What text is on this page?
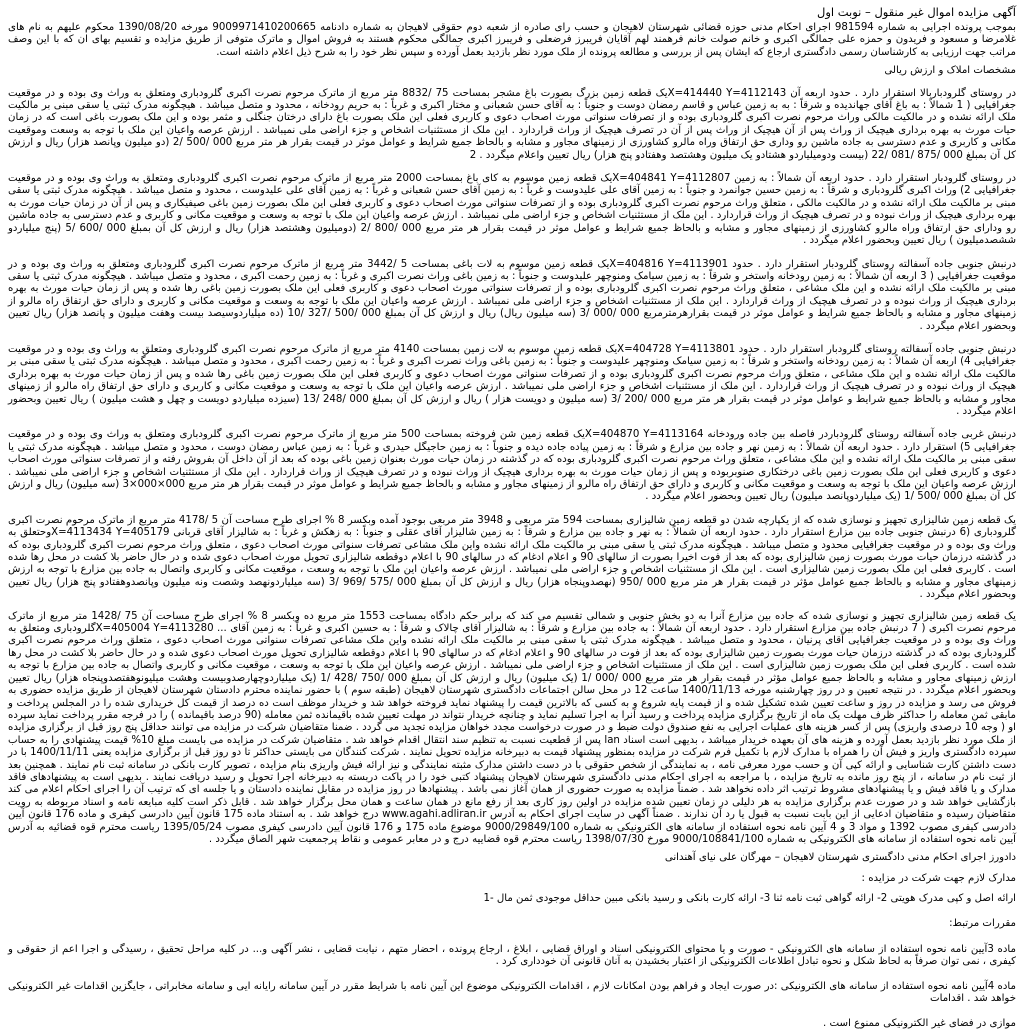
آگهی مزایده اموال غیر منقول – نوبت اول

بموجب پرونده اجرایی به شماره 981594 اجرای احکام مدنی حوزه قضائی شهرستان لاهیجان و حسب رای صادره از شعبه دوم حقوقی لاهیجان به شماره دادنامه 9009971410200665 مورخه 1390/08/20 محکوم علیهم به نام های غلامرضا و مسعود و فریدون و حمزه علی جمالگی اکبری و خانم صولت خانم فرهمند لهم آقایان فریبرز فرضعلی و فریبرز اکبری جمالگی محکوم هستند به فروش اموال و ماترک متوفی از طریق مزایده و تقسیم بهای ان که با این وصف مراتب جهت ارزیابی به کارشناسان رسمی دادگستری ارجاع که ایشان پس از بررسی و مطالعه پرونده از ملک مورد نظر بازدید بعمل آورده و سپس نظر خود را به شرح ذیل اعلام داشته است.

مشخصات املاک و ارزش ریالی

در روستای گلرودبار‌بالا استقرار دارد . حدود اربعه آن X=414440 Y=4112143یک قطعه زمین بزرگ بصورت باغ مشجر بمساحت 75 /8832 متر مربع از ماترک مرحوم نصرت اکبری گلرودباری ومتعلق به وراث وی بوده و در موقعیت جغرافیایی ( 1 شمالاً : به باغ آقای جهانديده و شرقاً : به به زمین عباس و قاسم رمضان دوست و جنوباً : به آقای حسن شعبانی و مختار اکبری و غرباً : به حریم رودخانه ، محدود و متصل میباشد . هیچگونه مدرک ثبتی یا سقی مبنی بر مالکیت ملک ارائه نشده و در مالکیت مالکی وراث مرحوم نصرت اکبری گلرودباری بوده و از تصرفات سنواتی مورث اصحاب دعوی و کاربری فعلی این ملک بصورت باغ دارای درختان جنگلی و مثمر بوده و این ملک بصورت باغی است که در زمان حیات مورث به بهره برداری هیچیک از وراث پس از آن هیچیک از وراث پس از آن در تصرف هیچیک از وراث قراردارد . این ملک از مستثنیات اشخاص و جزء اراضی ملی نمیباشد . ارزش عرصه واعیان این ملک با توجه به وسعت وموقعیت مکانی و کاربری و عدم دسترسی به جاده ماشین رو وداری حق ارتفاق وراه مالرو کشاورزی از زمینهای مجاور و مشابه و بالحاظ جمیع شرایط و عوامل موثر در قیمت بقرار هر متر مربع 000 /500 /2 (دو میلیون وپانصد هزار) ریال و ارزش کل آن بمبلغ 000 /875 /081 /22 (بیست ودومیلیاردو هشتادو یک میلیون وهشتصد وهفتادو پنج هزار) ریال تعیین واعلام میگردد . 2

در روستای گلرودبار استقرار دارد . حدود اربعه آن شمالاً : به زمین X=404841 Y=4112807یک قطعه زمین موسوم به کای باغ بمساحت 2000 متر مربع از ماترک مرحوم نصرت اکبری گلرودباری ومتعلق به وراث وی بوده و در موقعیت جغرافیایی 2) وراث اکبری گلرودباری و شرقاً : به زمین حسین جوانمرد و جنوباً : به زمین آقای علی علیدوست و غرباً : به زمین آقای حسن شعبانی و غرباً : به زمین آقای علی علیدوست ، محدود و متصل میباشد . هیچگونه مدرک ثبتی یا سقی مبنی بر مالکیت ملک ارائه نشده و در مالکیت مالکی ، متعلق وراث مرحوم نصرت اکبری گلرودباری بوده و از تصرفات سنواتی مورث اصحاب دعوی و کاربری فعلی این ملک بصورت زمین باغی صیفیکاری و پس از آن در زمان حیات مورث به بهره برداری هیچیک از وراث نبوده و در تصرف هیچیک از وراث قراردارد . این ملک از مستثنیات اشخاص و جزء اراضی ملی نمیباشد . ارزش عرصه واعیان این ملک با توجه به وسعت و موقعیت مکانی و کاربری و عدم دسترسی به جاده ماشین رو ودارای حق ارتفاق وراه مالرو کشاورزی از زمینهای مجاور و مشابه و بالحاظ جمیع شرایط و عوامل موثر در قیمت بقرار هر متر مربع 000 /800 /2 (دومیلیون وهشتصد هزار) ریال و ارزش کل آن بمبلغ 000 /600 /5 (پنج میلیاردو ششصدمیلیون ) ریال تعیین وبحضور اعلام میگردد .

درنبش جنوبی جاده آسفالته روستای گلرودبار استقرار دارد . حدود X=404816 Y=4113901یک قطعه زمین موسوم به لات باغی بمساحت 5 /3442 متر مربع از ماترک مرحوم نصرت اکبری گلرودباری ومتعلق به وراث وی بوده و در موقعیت جغرافیایی ( 3 اربعه آن شمالاً : به زمین رودخانه واستخر و شرقاً : به زمین سیامک ومنوچهر علیدوست و جنوباً : به زمین باغی وراث نصرت اکبری و غرباً : به زمین رحمت اکبری ، محدود و متصل میباشد . هیچگونه مدرک ثبتی یا سقی مبنی بر مالکیت ملک ارائه نشده و این ملک مشاعی ، متعلق وراث مرحوم نصرت اکبری گلرودباری بوده و از تصرفات سنواتی مورث اصحاب دعوی و کاربری فعلی این ملک بصورت زمین باغی رها شده و پس از زمان حیات مورث به بهره برداری هیچیک از وراث نبوده و در تصرف هیچیک از وراث قراردارد . این ملک از مستثنیات اشخاص و جزء اراضی ملی نمیباشد . ارزش عرصه واعیان این ملک با توجه به وسعت و موقعیت مکانی و کاربری و دارای حق ارتفاق راه مالرو از زمینهای مجاور و مشابه و بالحاظ جمیع شرایط و عوامل موثر در قیمت بقرارهرمترمربع 000 /000 /3 (سه میلیون ریال) ریال و ارزش کل آن بمبلغ 000 /500 /327 /10 (ده میلیاردوسیصد بیست وهفت میلیون و پانصد هزار) ریال تعیین وبحضور اعلام میگردد .

درنبش جنوبی جاده آسفالته روستای گلرودبار استقرار دارد . حدود X=404728 Y=4113801یک قطعه زمین موسوم به لات زمین بمساحت 4140 متر مربع از ماترک مرحوم نصرت اکبری گلرودباری ومتعلق به وراث وی بوده و در موقعیت جغرافیایی 4) اربعه آن شمالاً : به زمین رودخانه واستخر و شرقاً : به زمین سیامک ومنوچهر علیدوست و جنوباً : به زمین باغی وراث نصرت اکبری و غرباً : به زمین رحمت اکبری ، محدود و متصل میباشد . هیچگونه مدرک ثبتی یا سقی مبنی بر مالکیت ملک ارائه نشده و این ملک مشاعی ، متعلق وراث مرحوم نصرت اکبری گلرودباری بوده و از تصرفات سنواتی مورث اصحاب دعوی و کاربری فعلی این ملک بصورت زمین باغی رها شده و پس از زمان حیات مورث به بهره برداری هیچیک از وراث نبوده و در تصرف هیچیک از وراث قراردارد . این ملک از مستثنیات اشخاص و جزء اراضی ملی نمیباشد . ارزش عرصه واعیان این ملک با توجه به وسعت و موقعیت مکانی و کاربری و دارای حق ارتفاق راه مالرو از زمینهای مجاور و مشابه و بالحاظ جمیع شرایط و عوامل موثر در قیمت بقرار هر متر مربع 000 /200 /3 (سه میلیون و دویست هزار ) ریال و ارزش کل آن بمبلغ 000 /248 /13 (سیزده میلیاردو دویست و چهل و هشت میلیون ) ریال تعیین وبحضور اعلام میگردد .

درنبش غربی جاده آسفالته روستای گلرودباردر فاصله بین جاده ورودخانه X=404870 Y=4113164یک قطعه زمین شن فروخته بمساحت 500 متر مربع از ماترک مرحوم نصرت اکبری گلرودباری ومتعلق به وراث وی بوده و در موقعیت جغرافیایی 5) استقرار دارد . حدود اربعه آن شمالاً : به زمین نهر و جاده بین مزارع و شرقاً : به زمین پیاده جاده دیده و جنوباً : به زمین حاجیگل حیدری و غرباً : به زمین عباس رمضان دوست ، محدود و متصل میباشد . هیچگونه مدرک ثبتی یا سقی مبنی بر مالکیت ملک ارائه نشده و این ملک مشاعی ، متعلق وراث مرحوم نصرت اکبری گلرودباری بوده که در گذشته در زمان حیات مورث بعنوان زمین باغی بوده که بعد از آن داخل آن بفروش رفته و از تصرفات سنواتی مورث اصحاب دعوی و کاربری فعلی این ملک بصورت زمین باغی درختکاری صنوبربوده و پس از زمان حیات مورث به بهره برداری هیچیک از وراث نبوده و در تصرف هیچیک از وراث قراردارد . این ملک از مستثنیات اشخاص و جزء اراضی ملی نمیباشد . ارزش عرصه واعیان این ملک با توجه به وسعت و موقعیت مکانی و کاربری و دارای حق ارتفاق راه مالرو از زمینهای مجاور و مشابه و بالحاظ جمیع شرایط و عوامل موثر در قیمت بقرار هر متر مربع 000×000×3 (سه میلیون) ریال و ارزش کل آن بمبلغ 000 /500 /1 (یک میلیاردوپانصد میلیون) ریال تعیین وبحضور اعلام میگردد .

یک قطعه زمین شالیزاری تجهیز و نوسازی شده که از یکپارچه شدن دو قطعه زمین شالیزاری بمساحت 594 متر مربعی و 3948 متر مربعی بوجود آمده وبکسر 8 % اجرای طرح مساحت آن 5 /4178 متر مربع از ماترک مرحوم نصرت اکبری گلرودباری (6 درنبش جنوبی جاده بین مزارع استقرار دارد . حدود اربعه آن شمالاً : به نهر و جاده بین مزارع و شرقاً : به زمین شالیزار آقای عقلی و جنوباً : به زهکش و غرباً : به شالیزار آقای قربانی X=4113434 Y=405179وحتعلق به وراث وی بوده و در موقعیت جغرافیایی محدود و متصل میباشد . هیچگونه مدرک ثبتی یا سقی مبنی بر مالکیت ملک ارائه نشده واین ملک مشاعی تصرفات سنواتی مورث اصحاب دعوی ، متعلق وراث مرحوم نصرت اکبری گلرودباری بوده که در گذشته درزمان حیات مورث بصورت زمین شالیزاری بوده که بعد از فوت اخیرا بصورت از سالهای 90 و اعلام ادغام که در سالهای 90 با اعلام دوقطعه شالیزاری تحویل مورث اصحاب دعوی شده و در حال حاضر بلا کشت در محل رها شده است . کاربری فعلی این ملک بصورت زمین شالیزاری است . این ملک از مستثنیات اشخاص و جزء اراضی ملی نمیباشد . ارزش عرصه واعیان این ملک با توجه به وسعت ، موقعیت مکانی و کاربری واتصال به جاده بین مزارع با توجه به ارزش زمینهای مجاور و مشابه و بالحاظ جمیع عوامل مؤثر در قیمت بقرار هر متر مربع 000 /950 (نهصدوپنجاه هزار) ریال و ارزش کل آن بمبلغ 000 /575 /969 /3 (سه میلیاردونهصد وشصت ونه میلیون وپانصدوهفتادو پنج هزار) ریال تعیین وبحضور اعلام میگردد .

یک قطعه زمین شالیزاری تجهیز و نوسازی شده که جاده بین مزارع آنرا به دو بخش جنوبی و شمالی تقسیم می کند که برابر حکم دادگاه بمساحت 1553 متر مربع ده وبکسر 8 % اجرای طرح مساحت آن 75 /1428 متر مربع از ماترک مرحوم نصرت اکبری ( 7 درنبش جاده بین مزارع استقرار دارد . حدود اربعه آن شمالاً : به جاده بین مزارع و شرقاً : به شالیزار آقای چالاک و شرقاً : به حسین اکبری و غرباً : به زمین آقای ... X=405004 Y=4113280گلرودباری ومتعلق به وراث وی بوده و در موقعیت جغرافیایی آقای پرنیان ، محدود و متصل میباشد . هیچگونه مدرک ثبتی یا سقی مبنی بر مالکیت ملک ارائه نشده واین ملک مشاعی تصرفات سنواتی مورث اصحاب دعوی ، متعلق وراث مرحوم نصرت اکبری گلرودباری بوده که در گذشته درزمان حیات مورث بصورت زمین شالیزاری بوده که بعد از فوت در سالهای 90 و اعلام ادغام که در سالهای 90 با اعلام دوقطعه شالیزاری تحویل مورث اصحاب دعوی شده و در حال حاضر بلا کشت در محل رها شده است . کاربری فعلی این ملک بصورت زمین شالیزاری است . این ملک از مستثنیات اشخاص و جزء اراضی ملی نمیباشد . ارزش عرصه واعیان این ملک با توجه به وسعت ، موقعیت مکانی و کاربری واتصال به جاده بین مزارع با توجه به ارزش زمینهای مجاور و مشابه و بالحاظ جمیع عوامل مؤثر در قیمت بقرار هر متر مربع 000 /000 /1 (یک میلیون) ریال و ارزش کل آن بمبلغ 000 /750 /428 /1 (یک میلیاردوچهارصدوبیست وهشت میلیونوهفتصدوپنجاه هزار) ریال تعیین وبحضور اعلام میگردد . در نتیجه تعیین و در روز چهارشنبه مورخه 1400/11/13 ساعت 12 در محل سالن اجتماعات دادگستری شهرستان لاهیجان (طبقه سوم ) با حضور نماینده محترم دادستان شهرستان لاهیجان از طریق مزایده حضوری به فروش می رسد و مزایده در روز و ساعت تعیین شده تشکیل شده و از قیمت پایه شروع و به کسی که بالاترین قیمت را پیشنهاد نماید فروخته خواهد شد و خریدار موظف است ده درصد از قیمت کل خریداری شده را در المجلس پرداخت و مابقی ثمن معامله را حداکثر ظرف مهلت یک ماه از تاریخ برگزاری مزایده پرداخت و رسید آنرا به اجرا تسلیم نماید و چنانچه خریدار نتواند در مهلت تعیین شده باقیمانده ثمن معامله (90 درصد باقیمانده ) را در فرجه مقرر پرداخت نماید سپرده او ( وجه 10 درصدی واریزی) پس از کسر هزینه های عملیات اجرایی به نفع صندوق دولت ضبط و در صورت درخواست مجدد خواهان مزایده تجدید می گردد . ضمنا متقاضیان شرکت در مزایده می توانند حداقل پنج روز قبل از برگزاری مزایده از ملک مورد نظر بازدید بعمل آورده و هزینه های آن بعهده خریدار میباشد ، بدیهی است اسناد lan پس از قطعیت نسبت به تنظیم سند انتقال اقدام خواهد شد . متقاضیان شرکت در مزایده می بایست مبلغ 10% قیمت پیشنهادی را به حساب سپرده دادگستری واریز و فیش آن را همراه با مدارک لازم با تکمیل فرم شرکت در مزایده بمنظور پیشنهاد قیمت به دبیرخانه مزایده تحویل نمایند . شرکت کنندگان می بایستی حداکثر تا دو روز قبل از برگزاری مزایده یعنی 1400/11/11 با در دست داشتن کارت شناسایی و ارائه کپی آن و حسب مورد معرفی نامه ، به نمایندگی از شخص حقوقی با در دست داشتن مدارک مثبته نمایندگی و نیز ارائه فیش واریزی بنام مزایده ، تصویر کارت بانکی در سامانه ثبت نام نمایند . همچنین بعد از ثبت نام در سامانه ، از پنج روز مانده به تاریخ مزایده ، با مراجعه به اجرای احکام مدنی دادگستری شهرستان لاهیجان پیشنهاد کتبی خود را در پاکت دربسته به دبیرخانه اجرا تحویل و رسید دریافت نمایند . بدیهی است به پیشنهادهای فاقد مدارک و یا فاقد فیش و یا پیشنهادهای مشروط ترتیب اثر داده نخواهد شد . ضمناً مزایده به صورت حضوری از همان آغاز نمی باشد . پیشنهادها در روز مزایده در مقابل نماینده دادستان و یا جلسه ای که ترتیب آن را اجرای احکام اعلام می کند بازگشایی خواهد شد و در صورت عدم برگزاری مزایده به هر دلیلی در زمان تعیین شده مزایده در اولین روز کاری بعد از رفع مانع در همان ساعت و همان محل برگزار خواهد شد . قابل ذکر است کلیه مبایعه نامه و اسناد مربوطه به رویت متقاضیان رسیده و متقاضیان ادعایی از این بابت نسبت به قبول یا رد آن ندارند . ضمناً آگهی در سایت اجرای احکام به آدرس www.agahi.adliran.ir درج خواهد شد . به استناد ماده 175 قانون آیین دادرسی کیفری و ماده 176 قانون آیین دادرسی کیفری مصوب 1392 و مواد 3 و 4 آیین نامه نحوه استفاده از سامانه های الکترونیکی به شماره 9000/29849/100 موضوع ماده 175 و 176 قانون آیین دادرسی کیفری مصوب 1395/05/24 ریاست محترم قوه قضائیه به آدرس آیین نامه نحوه استفاده از سامانه های الکترونیکی به شماره 9000/108841/100 مورخ 1398/07/30 ریاست محترم قوه قضاییه درج و در معابر عمومی و نقاط پرجمعیت شهر الصاق میگردد .

دادورز اجرای احکام مدنی دادگستری شهرستان لاهیجان – مهرگان علی نیای آهندانی

مدارک لازم جهت شرکت در مزایده :

ارائه اصل و کپی مدرک هویتی 2- ارائه گواهی ثبت نامه ثنا 3- ارائه کارت بانکی و رسید بانکی مبین حداقل موجودی ثمن مال -1

مقررات مرتبط:

ماده 3آیین نامه نحوه استفاده از سامانه های الکترونیکی - صورت و یا محتوای الکترونیکی اسناد و اوراق قضایی ، ابلاغ ، ارجاع پرونده ، احضار متهم ، نیابت قضایی ، نشر آگهی و... در کلیه مراحل تحقیق ، رسیدگی و اجرا اعم از حقوقی و کیفری ، نمی توان صرفاً به لحاظ شکل و نحوه تبادل اطلاعات الکترونیکی از اعتبار بخشیدن به آنان قانونی آن خودداری کرد .

ماده 4آیین نامه نحوه استفاده از سامانه های الکترونیکی :در صورت ایجاد و فراهم بودن امکانات لازم ، اقدامات الکترونیکی موضوع این آیین نامه با شرایط مقرر در آیین سامانه رایانه ایی و سامانه مخابراتی ، جایگزین اقدامات غیر الکترونیکی خواهد شد . اقدامات

موازی در فضای غیر الکترونیکی ممنوع است .
